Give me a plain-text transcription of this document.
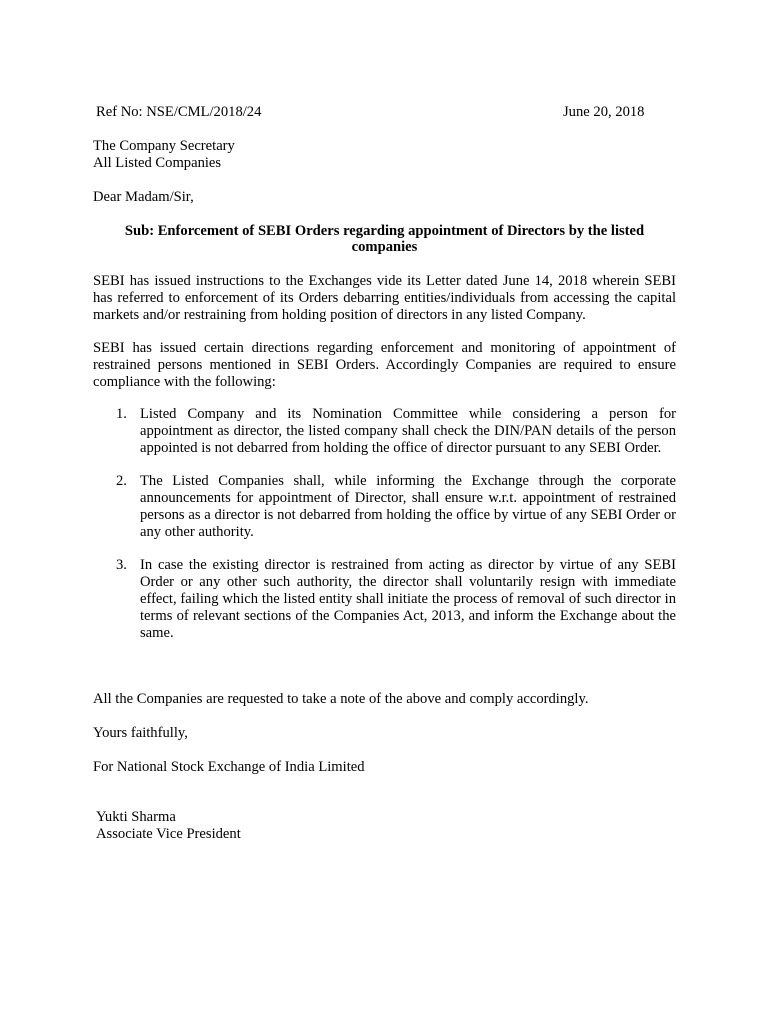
Ref No: NSE/CML/2018/24	June 20, 2018
The Company Secretary
All Listed Companies
Dear Madam/Sir,
Sub: Enforcement of SEBI Orders regarding appointment of Directors by the listed companies
SEBI has issued instructions to the Exchanges vide its Letter dated June 14, 2018 wherein SEBI has referred to enforcement of its Orders debarring entities/individuals from accessing the capital markets and/or restraining from holding position of directors in any listed Company.
SEBI has issued certain directions regarding enforcement and monitoring of appointment of restrained persons mentioned in SEBI Orders. Accordingly Companies are required to ensure compliance with the following:
1. Listed Company and its Nomination Committee while considering a person for appointment as director, the listed company shall check the DIN/PAN details of the person appointed is not debarred from holding the office of director pursuant to any SEBI Order.
2. The Listed Companies shall, while informing the Exchange through the corporate announcements for appointment of Director, shall ensure w.r.t. appointment of restrained persons as a director is not debarred from holding the office by virtue of any SEBI Order or any other authority.
3. In case the existing director is restrained from acting as director by virtue of any SEBI Order or any other such authority, the director shall voluntarily resign with immediate effect, failing which the listed entity shall initiate the process of removal of such director in terms of relevant sections of the Companies Act, 2013, and inform the Exchange about the same.
All the Companies are requested to take a note of the above and comply accordingly.
Yours faithfully,
For National Stock Exchange of India Limited
Yukti Sharma
Associate Vice President
